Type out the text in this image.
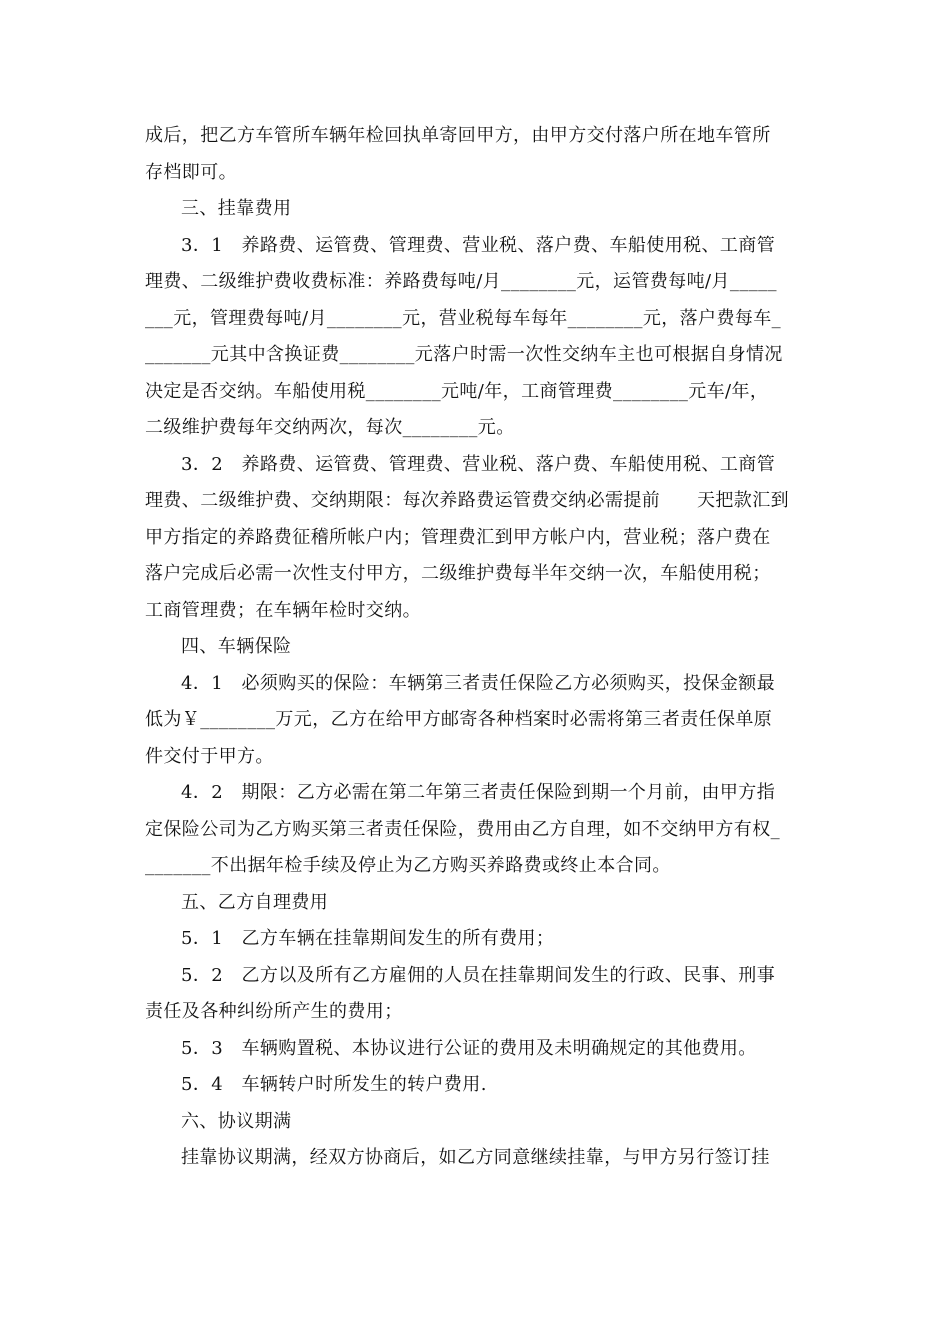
成后，把乙方车管所车辆年检回执单寄回甲方，由甲方交付落户所在地车管所
存档即可。
三、挂靠费用
3．1　养路费、运管费、管理费、营业税、落户费、车船使用税、工商管
理费、二级维护费收费标准：养路费每吨/月________元，运管费每吨/月_____
___元，管理费每吨/月________元，营业税每车每年________元，落户费每车_
_______元其中含换证费________元落户时需一次性交纳车主也可根据自身情况
决定是否交纳。车船使用税________元吨/年，工商管理费________元车/年，
二级维护费每年交纳两次，每次________元。
3．2　养路费、运管费、管理费、营业税、落户费、车船使用税、工商管
理费、二级维护费、交纳期限：每次养路费运管费交纳必需提前　　天把款汇到
甲方指定的养路费征稽所帐户内；管理费汇到甲方帐户内，营业税；落户费在
落户完成后必需一次性支付甲方，二级维护费每半年交纳一次，车船使用税；
工商管理费；在车辆年检时交纳。
四、车辆保险
4．1　必须购买的保险：车辆第三者责任保险乙方必须购买，投保金额最
低为￥________万元，乙方在给甲方邮寄各种档案时必需将第三者责任保单原
件交付于甲方。
4．2　期限：乙方必需在第二年第三者责任保险到期一个月前，由甲方指
定保险公司为乙方购买第三者责任保险，费用由乙方自理，如不交纳甲方有权_
_______不出据年检手续及停止为乙方购买养路费或终止本合同。
五、乙方自理费用
5．1　乙方车辆在挂靠期间发生的所有费用；
5．2　乙方以及所有乙方雇佣的人员在挂靠期间发生的行政、民事、刑事
责任及各种纠纷所产生的费用；
5．3　车辆购置税、本协议进行公证的费用及未明确规定的其他费用。
5．4　车辆转户时所发生的转户费用.
六、协议期满
挂靠协议期满，经双方协商后，如乙方同意继续挂靠，与甲方另行签订挂
